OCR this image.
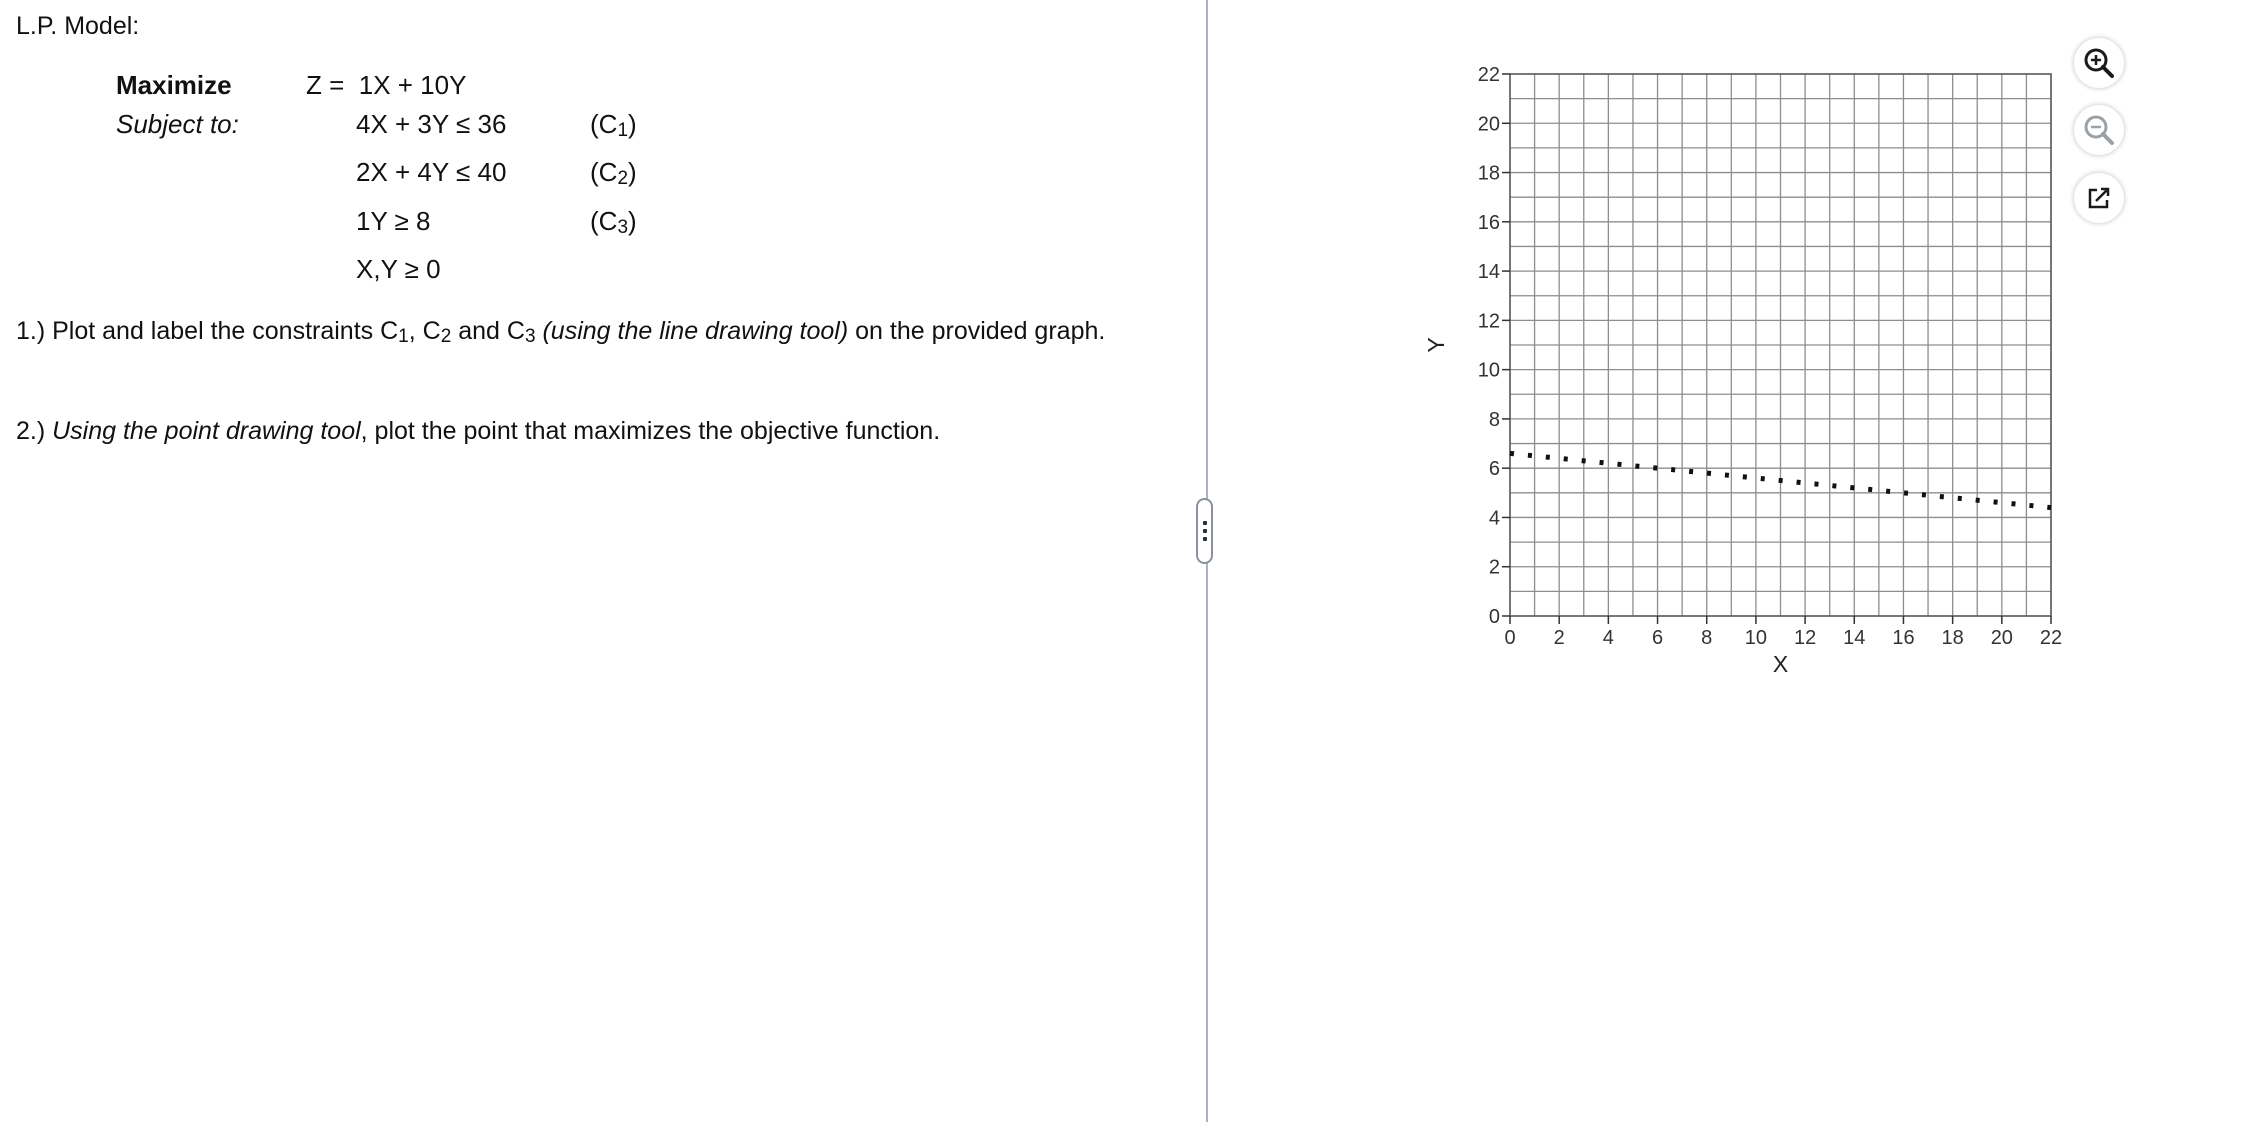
L.P. Model:
Maximize
Subject to:
Z =  1X + 10Y
4X + 3Y ≤ 36	$(C_1)$
2X + 4Y ≤ 40	$(C_2)$
1Y ≥ 8	$(C_3)$
X,Y ≥ 0
1.) Plot and label the constraints $C_1$, $C_2$ and $C_3$ (using the line drawing tool) on the provided graph.
2.) Using the point drawing tool, plot the point that maximizes the objective function.
0 2 4 6 8 10 12 14 16 18 20 22
0
2
4
6
8
10
12
14
16
18
20
22
X
Y
